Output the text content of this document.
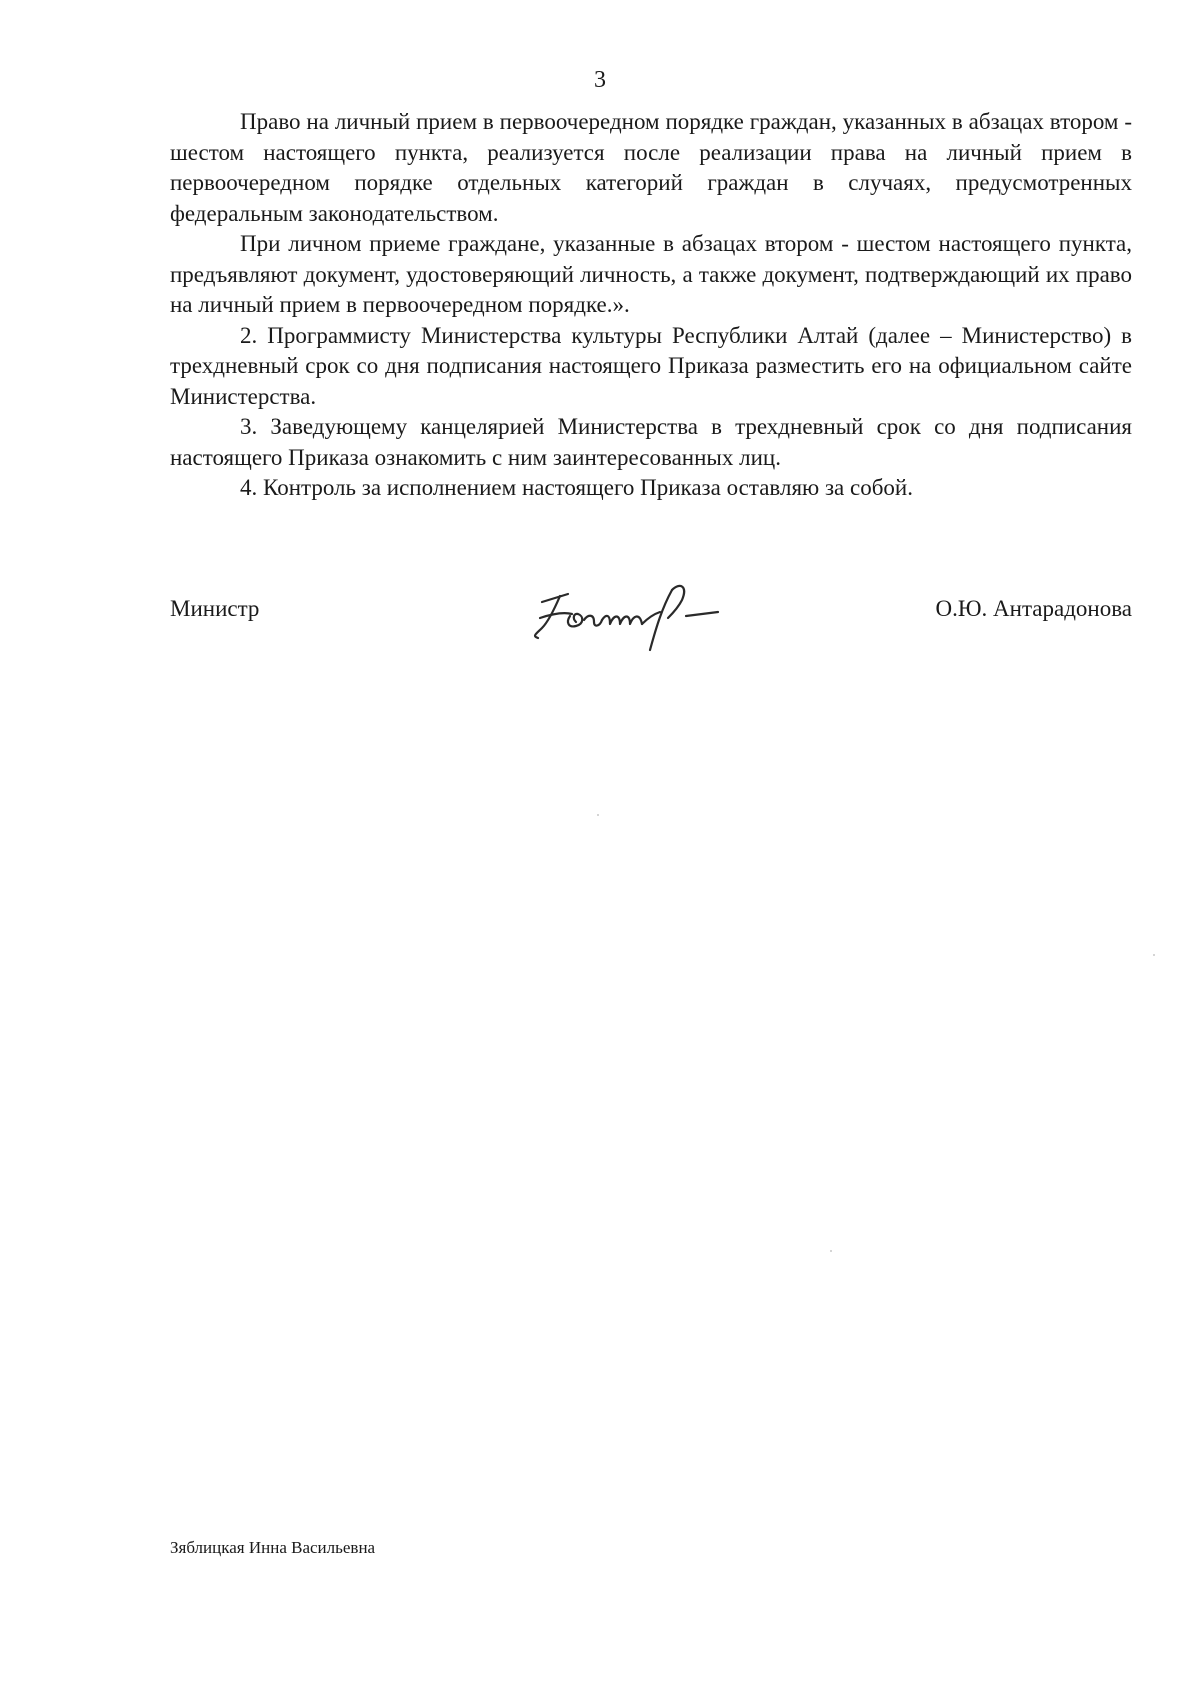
3

Право на личный прием в первоочередном порядке граждан, указанных в абзацах втором - шестом настоящего пункта, реализуется после реализации права на личный прием в первоочередном порядке отдельных категорий граждан в случаях, предусмотренных федеральным законодательством.

При личном приеме граждане, указанные в абзацах втором - шестом настоящего пункта, предъявляют документ, удостоверяющий личность, а также документ, подтверждающий их право на личный прием в первоочередном порядке.».

2. Программисту Министерства культуры Республики Алтай (далее – Министерство) в трехдневный срок со дня подписания настоящего Приказа разместить его на официальном сайте Министерства.

3. Заведующему канцелярией Министерства в трехдневный срок со дня подписания настоящего Приказа ознакомить с ним заинтересованных лиц.

4. Контроль за исполнением настоящего Приказа оставляю за собой.

Министр	О.Ю. Антарадонова
Зяблицкая Инна Васильевна
